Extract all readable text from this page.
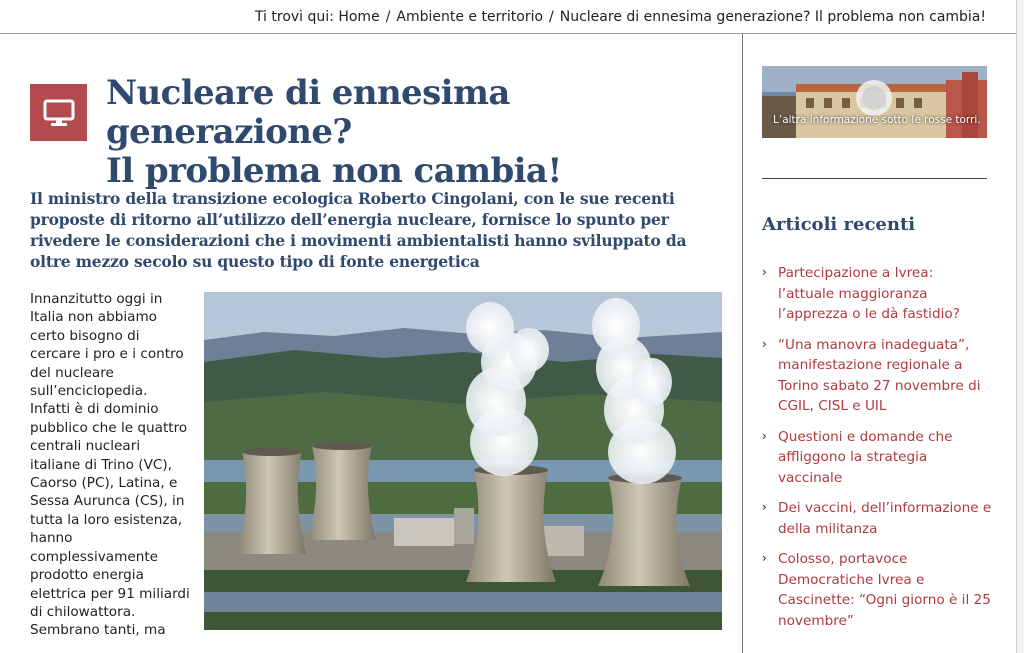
Ti trovi qui:
Home / Ambiente e territorio / Nucleare di ennesima generazione? Il problema non cambia!
Nucleare di ennesima generazione?
Il problema non cambia!

Il ministro della transizione ecologica Roberto Cingolani, con le sue recenti proposte di ritorno all’utilizzo dell’energia nucleare, fornisce lo spunto per rivedere le considerazioni che i movimenti ambientalisti hanno sviluppato da oltre mezzo secolo su questo tipo di fonte energetica

Innanzitutto oggi in Italia non abbiamo certo bisogno di cercare i pro e i contro del nucleare sull’enciclopedia. Infatti è di dominio pubblico che le quattro centrali nucleari italiane di Trino (VC), Caorso (PC), Latina, e Sessa Aurunca (CS), in tutta la loro esistenza, hanno complessivamente prodotto energia elettrica per 91 miliardi di chilowattora. Sembrano tanti, ma

L’altra informazione sotto le rosse torri.
Articoli recenti
› Partecipazione a Ivrea: l’attuale maggioranza l’apprezza o le dà fastidio?
› “Una manovra inadeguata”, manifestazione regionale a Torino sabato 27 novembre di CGIL, CISL e UIL
› Questioni e domande che affliggono la strategia vaccinale
› Dei vaccini, dell’informazione e della militanza
› Colosso, portavoce Democratiche Ivrea e Cascinette: “Ogni giorno è il 25 novembre”
